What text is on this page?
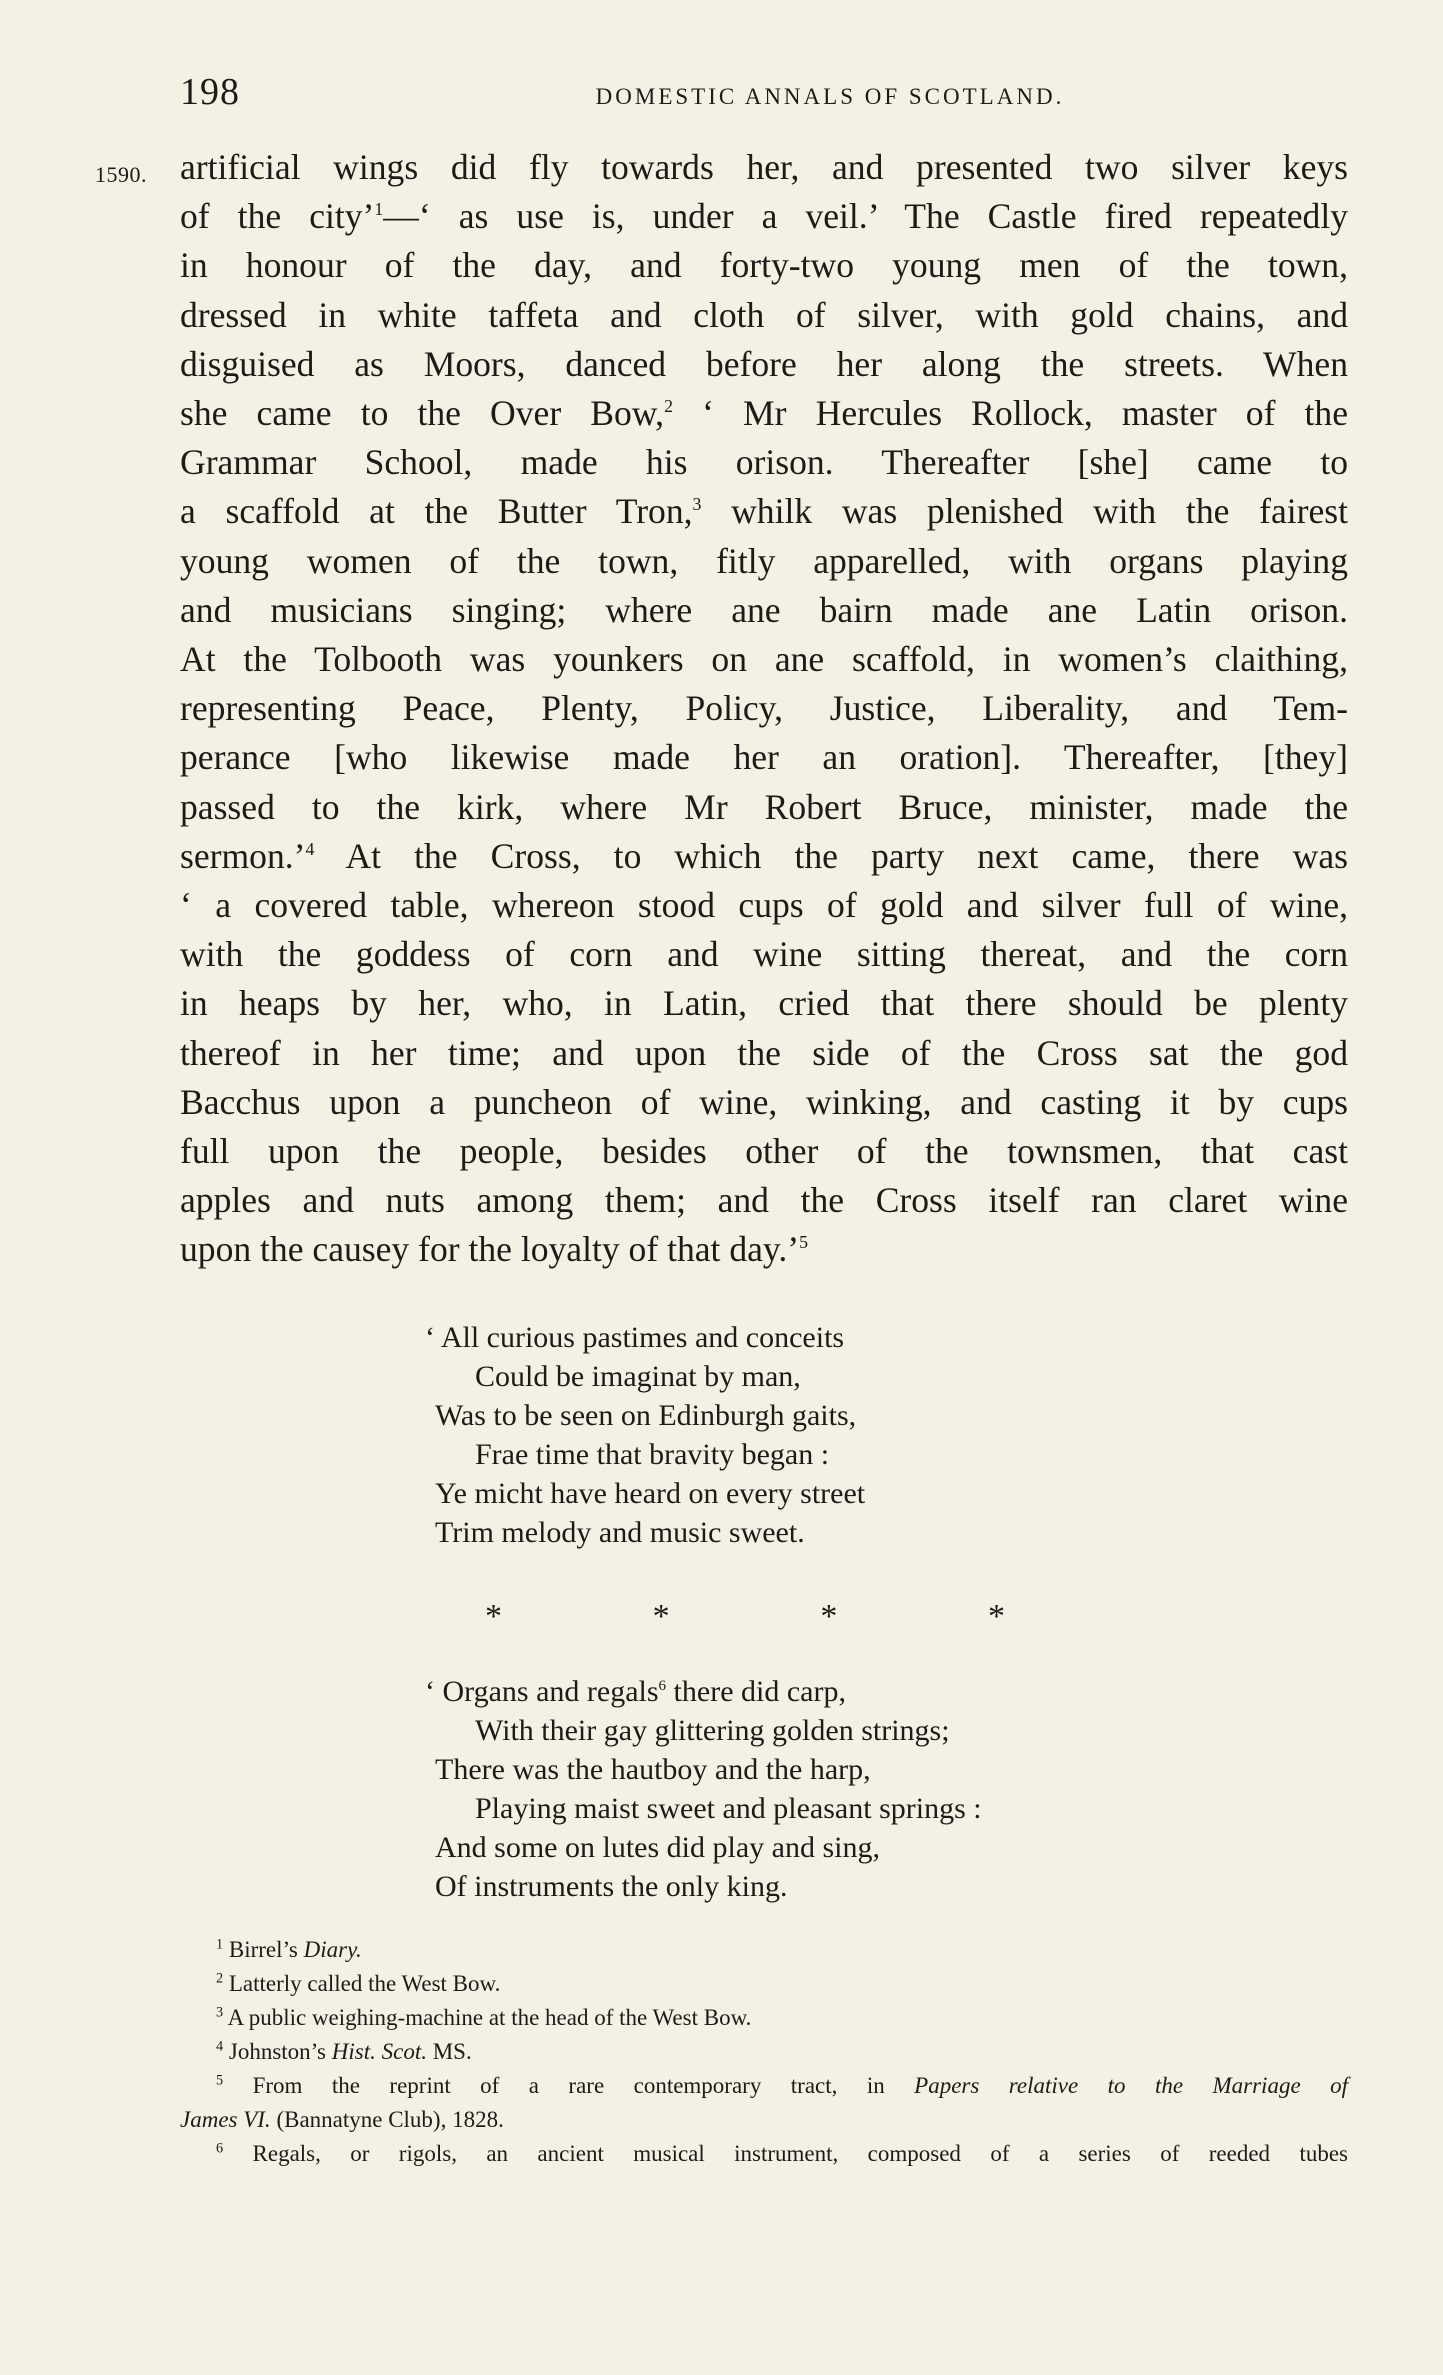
198	DOMESTIC ANNALS OF SCOTLAND.
1590. artificial wings did fly towards her, and presented two silver keys
of the city’$^1$—‘ as use is, under a veil.’ The Castle fired repeatedly
in honour of the day, and forty-two young men of the town,
dressed in white taffeta and cloth of silver, with gold chains, and
disguised as Moors, danced before her along the streets. When
she came to the Over Bow,$^2$ ‘ Mr Hercules Rollock, master of the
Grammar School, made his orison. Thereafter [she] came to
a scaffold at the Butter Tron,$^3$ whilk was plenished with the fairest
young women of the town, fitly apparelled, with organs playing
and musicians singing; where ane bairn made ane Latin orison.
At the Tolbooth was younkers on ane scaffold, in women’s claithing,
representing Peace, Plenty, Policy, Justice, Liberality, and Tem-
perance [who likewise made her an oration]. Thereafter, [they]
passed to the kirk, where Mr Robert Bruce, minister, made the
sermon.’$^4$ At the Cross, to which the party next came, there was
‘ a covered table, whereon stood cups of gold and silver full of wine,
with the goddess of corn and wine sitting thereat, and the corn
in heaps by her, who, in Latin, cried that there should be plenty
thereof in her time; and upon the side of the Cross sat the god
Bacchus upon a puncheon of wine, winking, and casting it by cups
full upon the people, besides other of the townsmen, that cast
apples and nuts among them; and the Cross itself ran claret wine
upon the causey for the loyalty of that day.’$^5$
‘ All curious pastimes and conceits
Could be imaginat by man,
Was to be seen on Edinburgh gaits,
Frae time that bravity began :
Ye micht have heard on every street
Trim melody and music sweet.
*	*	*	*
‘ Organs and regals$^6$ there did carp,
With their gay glittering golden strings;
There was the hautboy and the harp,
Playing maist sweet and pleasant springs :
And some on lutes did play and sing,
Of instruments the only king.
$^1$ Birrel’s Diary.
$^2$ Latterly called the West Bow.
$^3$ A public weighing-machine at the head of the West Bow.
$^4$ Johnston’s Hist. Scot. MS.
$^5$ From the reprint of a rare contemporary tract, in Papers relative to the Marriage of
James VI. (Bannatyne Club), 1828.
$^6$ Regals, or rigols, an ancient musical instrument, composed of a series of reeded tubes
